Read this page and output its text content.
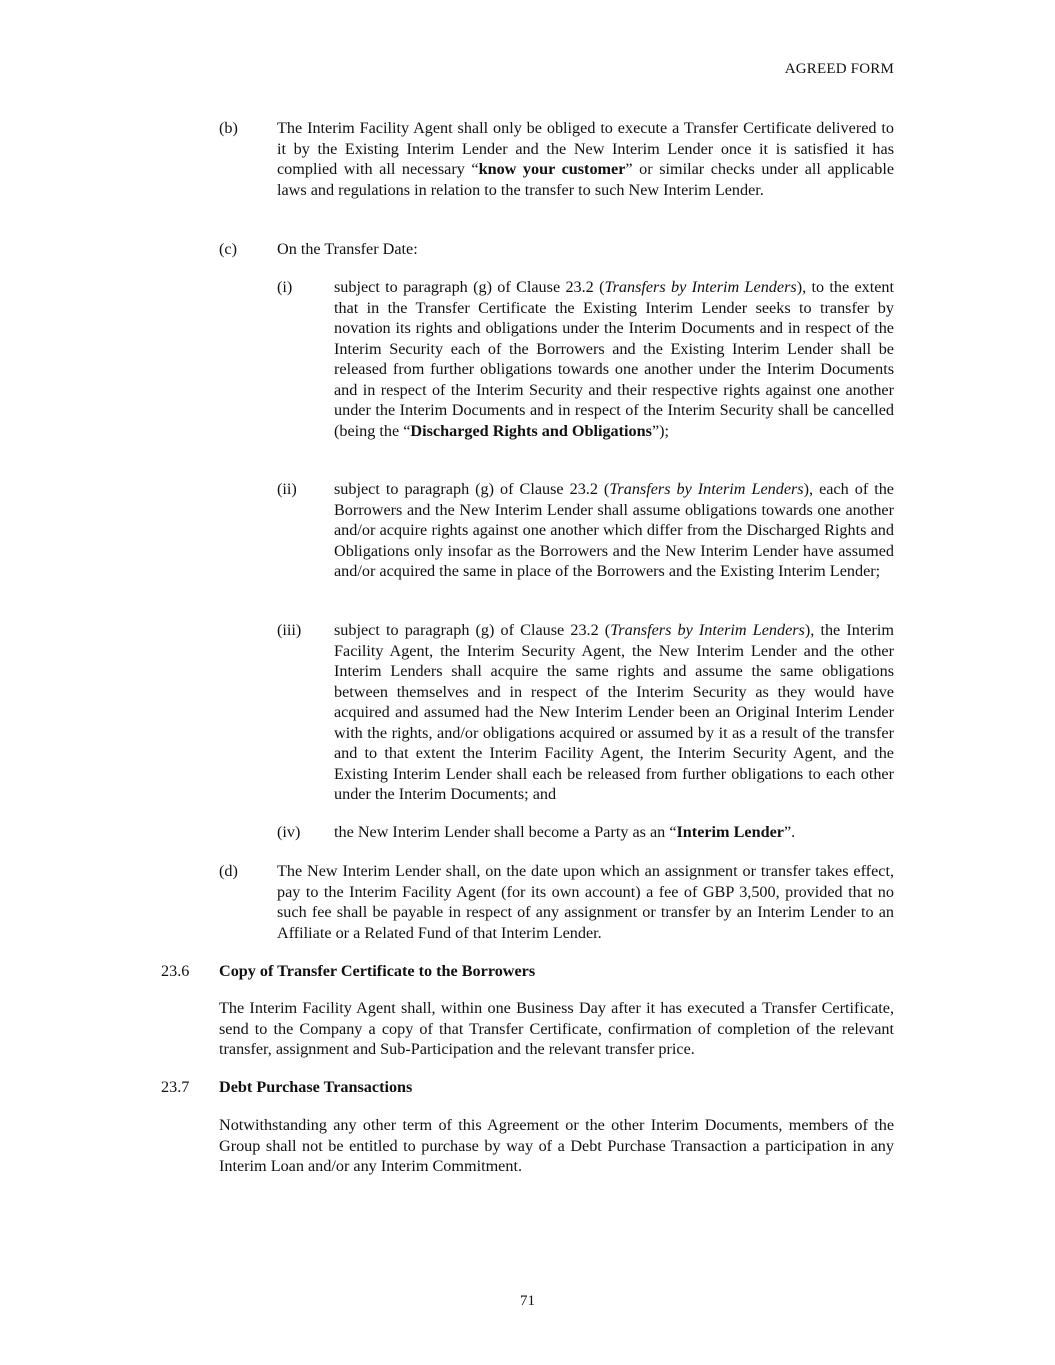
AGREED FORM
(b)	The Interim Facility Agent shall only be obliged to execute a Transfer Certificate delivered to it by the Existing Interim Lender and the New Interim Lender once it is satisfied it has complied with all necessary “know your customer” or similar checks under all applicable laws and regulations in relation to the transfer to such New Interim Lender.
(c)	On the Transfer Date:
(i)	subject to paragraph (g) of Clause 23.2 (Transfers by Interim Lenders), to the extent that in the Transfer Certificate the Existing Interim Lender seeks to transfer by novation its rights and obligations under the Interim Documents and in respect of the Interim Security each of the Borrowers and the Existing Interim Lender shall be released from further obligations towards one another under the Interim Documents and in respect of the Interim Security and their respective rights against one another under the Interim Documents and in respect of the Interim Security shall be cancelled (being the “Discharged Rights and Obligations”);
(ii)	subject to paragraph (g) of Clause 23.2 (Transfers by Interim Lenders), each of the Borrowers and the New Interim Lender shall assume obligations towards one another and/or acquire rights against one another which differ from the Discharged Rights and Obligations only insofar as the Borrowers and the New Interim Lender have assumed and/or acquired the same in place of the Borrowers and the Existing Interim Lender;
(iii)	subject to paragraph (g) of Clause 23.2 (Transfers by Interim Lenders), the Interim Facility Agent, the Interim Security Agent, the New Interim Lender and the other Interim Lenders shall acquire the same rights and assume the same obligations between themselves and in respect of the Interim Security as they would have acquired and assumed had the New Interim Lender been an Original Interim Lender with the rights, and/or obligations acquired or assumed by it as a result of the transfer and to that extent the Interim Facility Agent, the Interim Security Agent, and the Existing Interim Lender shall each be released from further obligations to each other under the Interim Documents; and
(iv)	the New Interim Lender shall become a Party as an “Interim Lender”.
(d)	The New Interim Lender shall, on the date upon which an assignment or transfer takes effect, pay to the Interim Facility Agent (for its own account) a fee of GBP 3,500, provided that no such fee shall be payable in respect of any assignment or transfer by an Interim Lender to an Affiliate or a Related Fund of that Interim Lender.
23.6	Copy of Transfer Certificate to the Borrowers
The Interim Facility Agent shall, within one Business Day after it has executed a Transfer Certificate, send to the Company a copy of that Transfer Certificate, confirmation of completion of the relevant transfer, assignment and Sub-Participation and the relevant transfer price.
23.7	Debt Purchase Transactions
Notwithstanding any other term of this Agreement or the other Interim Documents, members of the Group shall not be entitled to purchase by way of a Debt Purchase Transaction a participation in any Interim Loan and/or any Interim Commitment.
71
